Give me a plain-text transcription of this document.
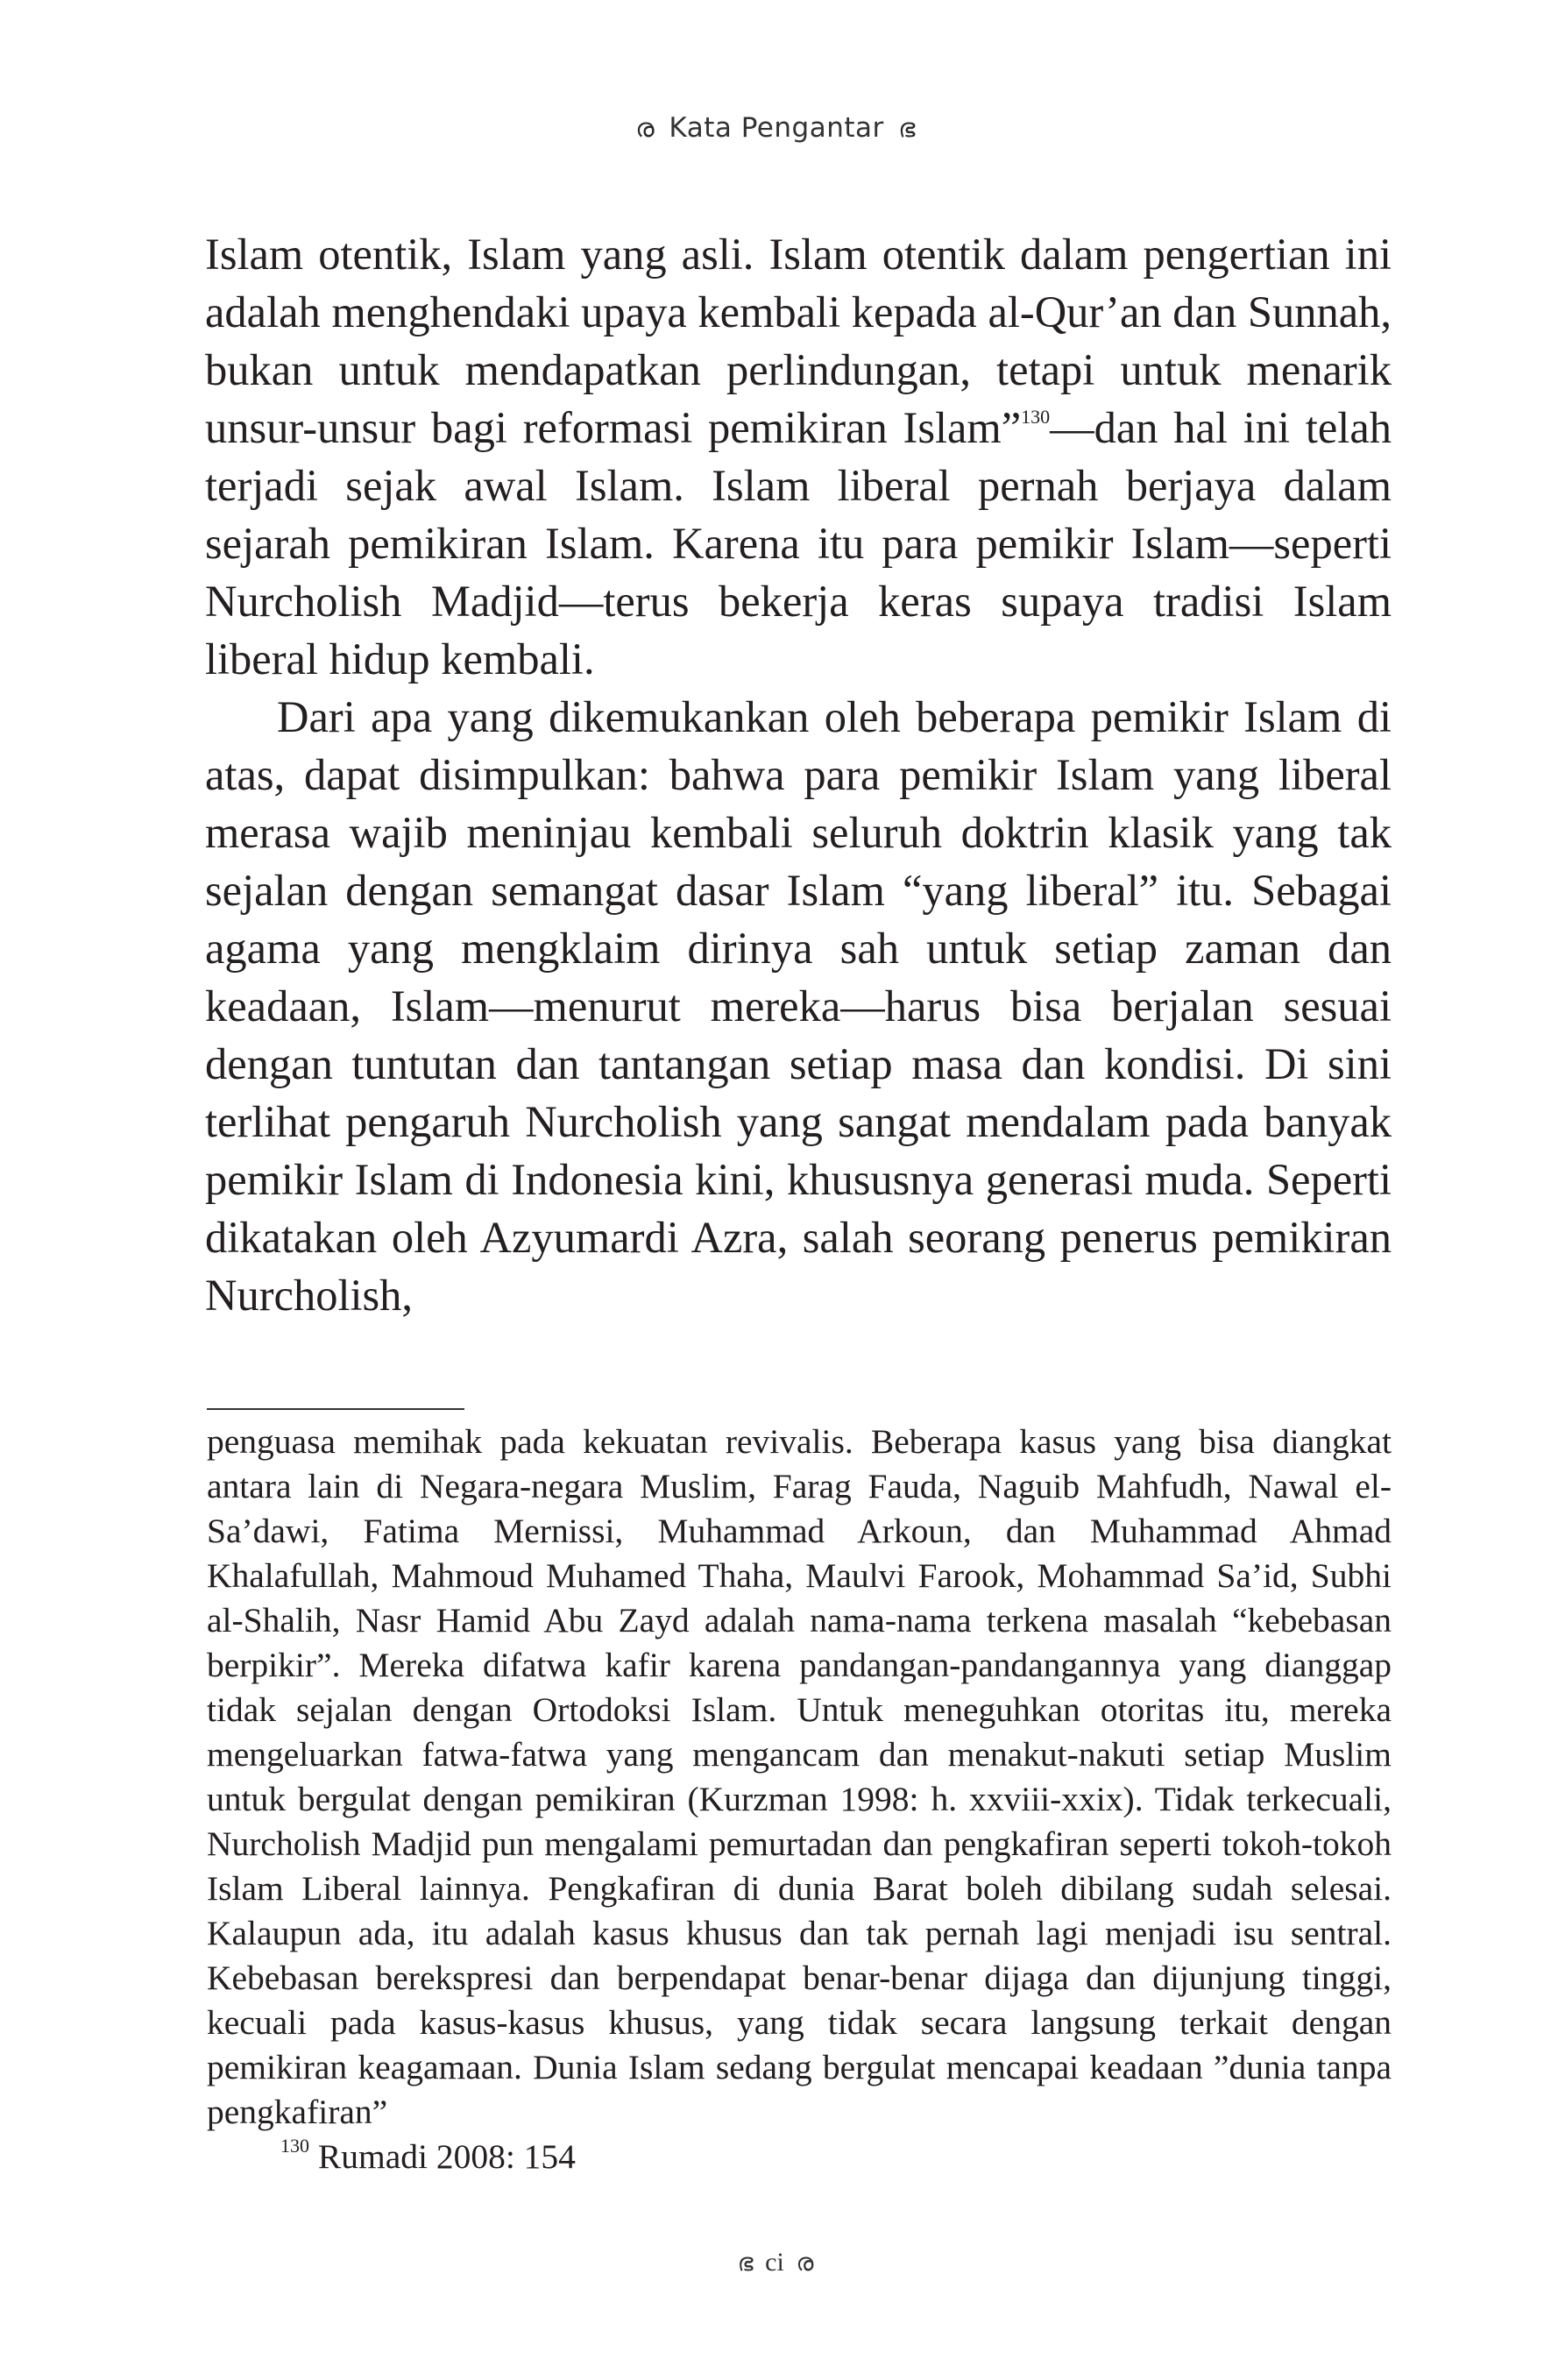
ര Kata Pengantar ഭ

Islam otentik, Islam yang asli. Islam otentik dalam pengertian ini adalah menghendaki upaya kembali kepada al-Qur’an dan Sunnah, bukan untuk mendapatkan perlindungan, tetapi untuk menarik unsur-unsur bagi reformasi pemikiran Islam”$^{130}$—dan hal ini telah terjadi sejak awal Islam. Islam liberal pernah berjaya dalam sejarah pemikiran Islam. Karena itu para pemikir Islam—seperti Nurcholish Madjid—terus bekerja keras supaya tradisi Islam liberal hidup kembali.

Dari apa yang dikemukankan oleh beberapa pemikir Islam di atas, dapat disimpulkan: bahwa para pemikir Islam yang liberal merasa wajib meninjau kembali seluruh doktrin klasik yang tak sejalan dengan semangat dasar Islam “yang liberal” itu. Sebagai agama yang mengklaim dirinya sah untuk setiap zaman dan keadaan, Islam—menurut mereka—harus bisa berjalan sesuai dengan tuntutan dan tantangan setiap masa dan kondisi. Di sini terlihat pengaruh Nurcholish yang sangat mendalam pada banyak pemikir Islam di Indonesia kini, khususnya generasi muda. Seperti dikatakan oleh Azyumardi Azra, salah seorang penerus pemikiran Nurcholish,

penguasa memihak pada kekuatan revivalis. Beberapa kasus yang bisa diangkat antara lain di Negara-negara Muslim, Farag Fauda, Naguib Mahfudh, Nawal el-Sa’dawi, Fatima Mernissi, Muhammad Arkoun, dan Muhammad Ahmad Khalafullah, Mahmoud Muhamed Thaha, Maulvi Farook, Mohammad Sa’id, Subhi al-Shalih, Nasr Hamid Abu Zayd adalah nama-nama terkena masalah “kebebasan berpikir”. Mereka difatwa kafir karena pandangan-pandangannya yang dianggap tidak sejalan dengan Ortodoksi Islam. Untuk meneguhkan otoritas itu, mereka mengeluarkan fatwa-fatwa yang mengancam dan menakut-nakuti setiap Muslim untuk bergulat dengan pemikiran (Kurzman 1998: h. xxviii-xxix). Tidak terkecuali, Nurcholish Madjid pun mengalami pemurtadan dan pengkafiran seperti tokoh-tokoh Islam Liberal lainnya. Pengkafiran di dunia Barat boleh dibilang sudah selesai. Kalaupun ada, itu adalah kasus khusus dan tak pernah lagi menjadi isu sentral. Kebebasan berekspresi dan berpendapat benar-benar dijaga dan dijunjung tinggi, kecuali pada kasus-kasus khusus, yang tidak secara langsung terkait dengan pemikiran keagamaan. Dunia Islam sedang bergulat mencapai keadaan ”dunia tanpa pengkafiran”

$^{130}$ Rumadi 2008: 154

ഭ ci ര
